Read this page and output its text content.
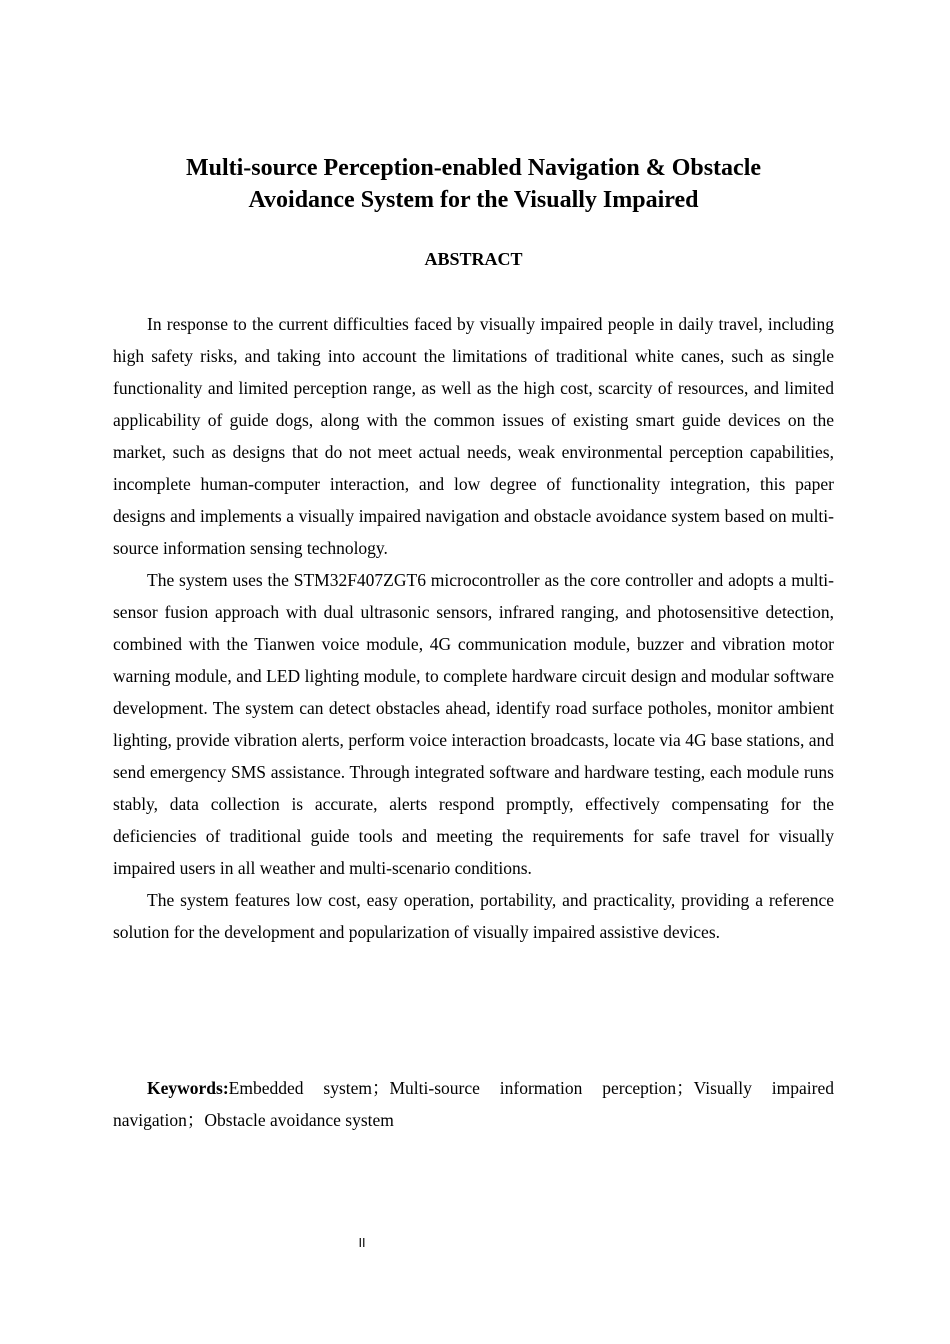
Multi-source Perception-enabled Navigation & Obstacle
Avoidance System for the Visually Impaired
ABSTRACT

In response to the current difficulties faced by visually impaired people in daily travel, including high safety risks, and taking into account the limitations of traditional white canes, such as single functionality and limited perception range, as well as the high cost, scarcity of resources, and limited applicability of guide dogs, along with the common issues of existing smart guide devices on the market, such as designs that do not meet actual needs, weak environmental perception capabilities, incomplete human-computer interaction, and low degree of functionality integration, this paper designs and implements a visually impaired navigation and obstacle avoidance system based on multi-source information sensing technology.

The system uses the STM32F407ZGT6 microcontroller as the core controller and adopts a multi-sensor fusion approach with dual ultrasonic sensors, infrared ranging, and photosensitive detection, combined with the Tianwen voice module, 4G communication module, buzzer and vibration motor warning module, and LED lighting module, to complete hardware circuit design and modular software development. The system can detect obstacles ahead, identify road surface potholes, monitor ambient lighting, provide vibration alerts, perform voice interaction broadcasts, locate via 4G base stations, and send emergency SMS assistance. Through integrated software and hardware testing, each module runs stably, data collection is accurate, alerts respond promptly, effectively compensating for the deficiencies of traditional guide tools and meeting the requirements for safe travel for visually impaired users in all weather and multi-scenario conditions.

The system features low cost, easy operation, portability, and practicality, providing a reference solution for the development and popularization of visually impaired assistive devices.

Keywords:Embedded system；Multi-source information perception；Visually impaired navigation；Obstacle avoidance system

II
